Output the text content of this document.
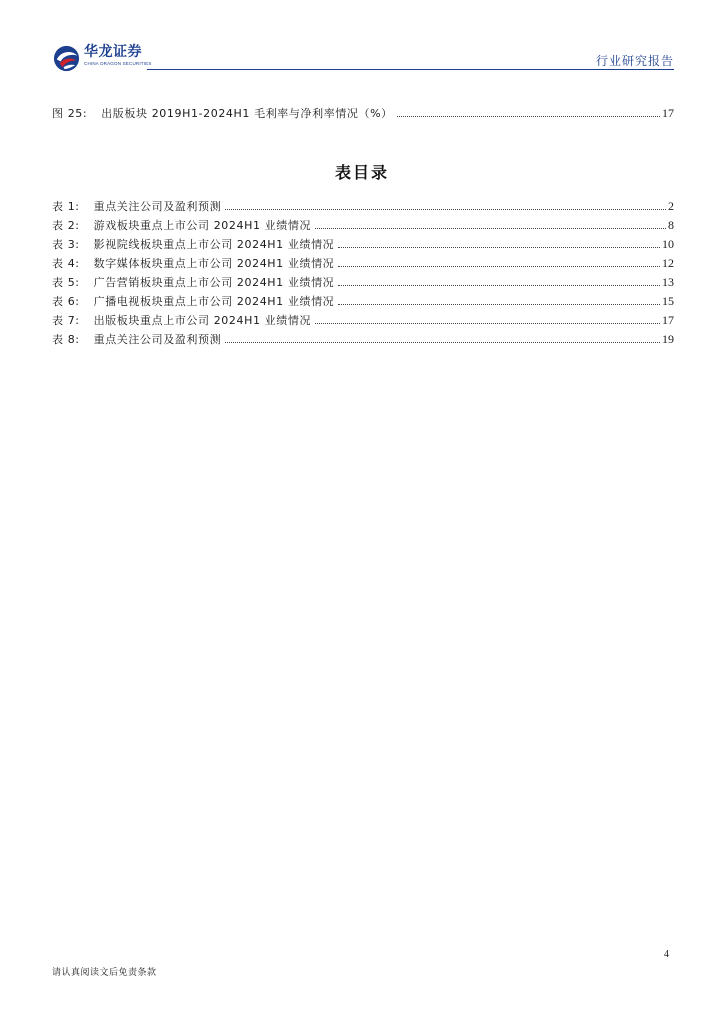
华龙证券
CHINA DRAGON SECURITIES	行业研究报告
图 25: 出版板块 2019H1-2024H1 毛利率与净利率情况（%）	17
表目录
表 1: 重点关注公司及盈利预测	2
表 2: 游戏板块重点上市公司 2024H1 业绩情况	8
表 3: 影视院线板块重点上市公司 2024H1 业绩情况	10
表 4: 数字媒体板块重点上市公司 2024H1 业绩情况	12
表 5: 广告营销板块重点上市公司 2024H1 业绩情况	13
表 6: 广播电视板块重点上市公司 2024H1 业绩情况	15
表 7: 出版板块重点上市公司 2024H1 业绩情况	17
表 8: 重点关注公司及盈利预测	19
4
请认真阅读文后免责条款
